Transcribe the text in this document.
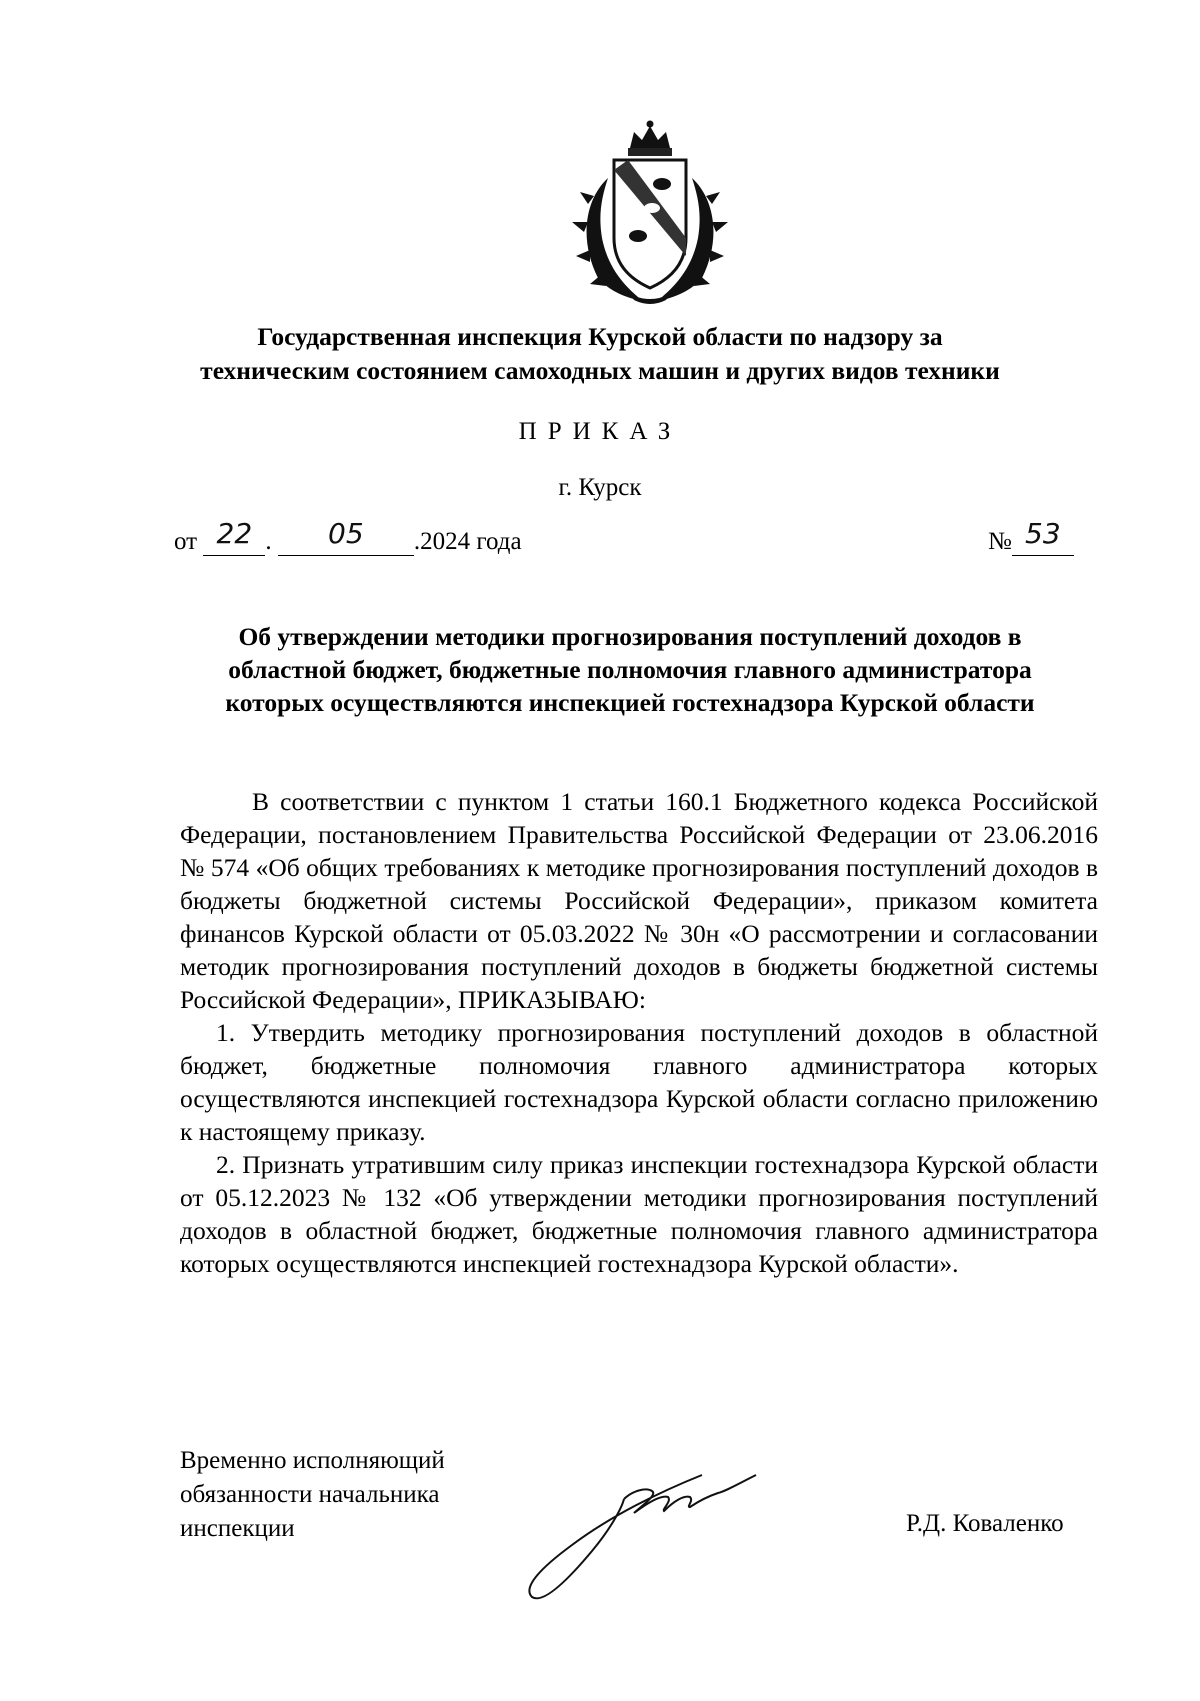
Государственная инспекция Курской области по надзору за
техническим состоянием самоходных машин и других видов техники
ПРИКАЗ
г. Курск
от 22 .	05	.2024 года	№ 53
Об утверждении методики прогнозирования поступлений доходов в
областной бюджет, бюджетные полномочия главного администратора
которых осуществляются инспекцией гостехнадзора Курской области

В соответствии с пунктом 1 статьи 160.1 Бюджетного кодекса Российской Федерации, постановлением Правительства Российской Федерации от 23.06.2016 № 574 «Об общих требованиях к методике прогнозирования поступлений доходов в бюджеты бюджетной системы Российской Федерации», приказом комитета финансов Курской области от 05.03.2022 № 30н «О рассмотрении и согласовании методик прогнозирования поступлений доходов в бюджеты бюджетной системы Российской Федерации», ПРИКАЗЫВАЮ:

1. Утвердить методику прогнозирования поступлений доходов в областной бюджет, бюджетные полномочия главного администратора которых осуществляются инспекцией гостехнадзора Курской области согласно приложению к настоящему приказу.

2. Признать утратившим силу приказ инспекции гостехнадзора Курской области от 05.12.2023 № 132 «Об утверждении методики прогнозирования поступлений доходов в областной бюджет, бюджетные полномочия главного администратора которых осуществляются инспекцией гостехнадзора Курской области».

Временно исполняющий
обязанности начальника
инспекции	Р.Д. Коваленко
